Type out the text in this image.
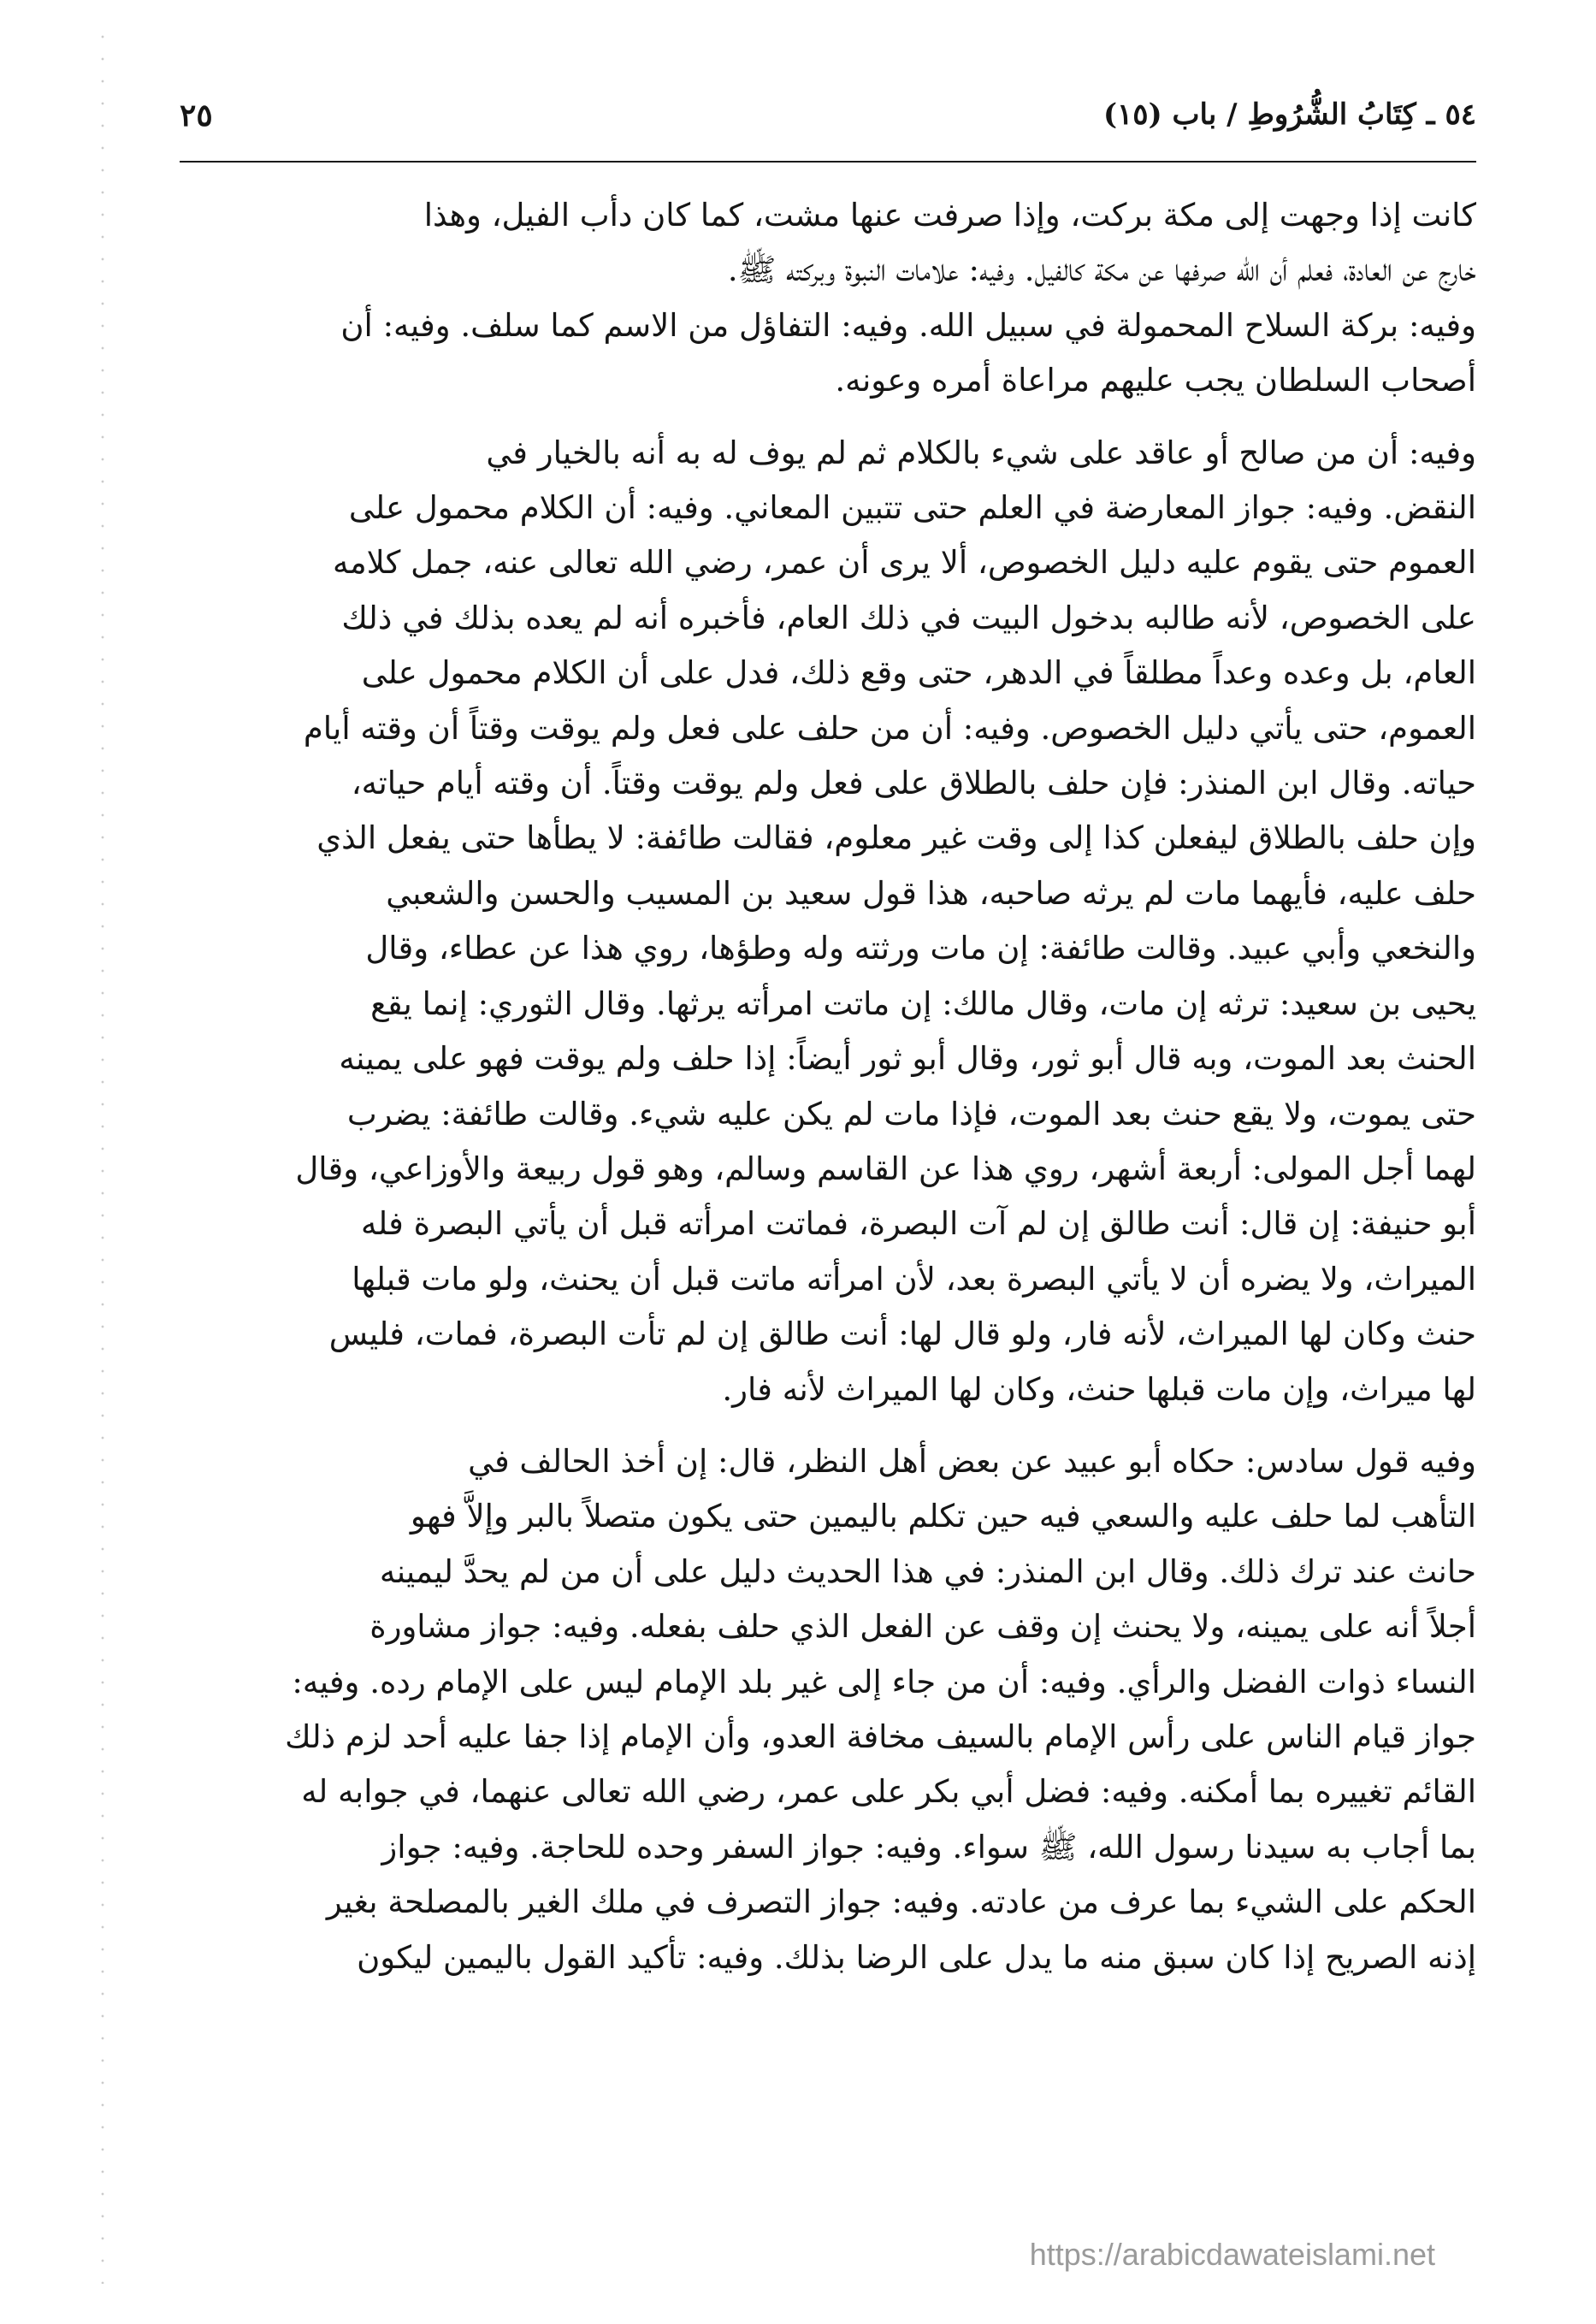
٥٤ ـ كِتَابُ الشُّرُوطِ / باب (١٥)
٢٥
كانت إذا وجهت إلى مكة بركت، وإذا صرفت عنها مشت، كما كان دأب الفيل، وهذا
خارج عن العادة، فعلم أن الله صرفها عن مكة كالفيل. وفيه: علامات النبوة وبركته ﷺ.
وفيه: بركة السلاح المحمولة في سبيل الله. وفيه: التفاؤل من الاسم كما سلف. وفيه: أن
أصحاب السلطان يجب عليهم مراعاة أمره وعونه.
وفيه: أن من صالح أو عاقد على شيء بالكلام ثم لم يوف له به أنه بالخيار في
النقض. وفيه: جواز المعارضة في العلم حتى تتبين المعاني. وفيه: أن الكلام محمول على
العموم حتى يقوم عليه دليل الخصوص، ألا يرى أن عمر، رضي الله تعالى عنه، جمل كلامه
على الخصوص، لأنه طالبه بدخول البيت في ذلك العام، فأخبره أنه لم يعده بذلك في ذلك
العام، بل وعده وعداً مطلقاً في الدهر، حتى وقع ذلك، فدل على أن الكلام محمول على
العموم، حتى يأتي دليل الخصوص. وفيه: أن من حلف على فعل ولم يوقت وقتاً أن وقته أيام
حياته. وقال ابن المنذر: فإن حلف بالطلاق على فعل ولم يوقت وقتاً. أن وقته أيام حياته،
وإن حلف بالطلاق ليفعلن كذا إلى وقت غير معلوم، فقالت طائفة: لا يطأها حتى يفعل الذي
حلف عليه، فأيهما مات لم يرثه صاحبه، هذا قول سعيد بن المسيب والحسن والشعبي
والنخعي وأبي عبيد. وقالت طائفة: إن مات ورثته وله وطؤها، روي هذا عن عطاء، وقال
يحيى بن سعيد: ترثه إن مات، وقال مالك: إن ماتت امرأته يرثها. وقال الثوري: إنما يقع
الحنث بعد الموت، وبه قال أبو ثور، وقال أبو ثور أيضاً: إذا حلف ولم يوقت فهو على يمينه
حتى يموت، ولا يقع حنث بعد الموت، فإذا مات لم يكن عليه شيء. وقالت طائفة: يضرب
لهما أجل المولى: أربعة أشهر، روي هذا عن القاسم وسالم، وهو قول ربيعة والأوزاعي، وقال
أبو حنيفة: إن قال: أنت طالق إن لم آت البصرة، فماتت امرأته قبل أن يأتي البصرة فله
الميراث، ولا يضره أن لا يأتي البصرة بعد، لأن امرأته ماتت قبل أن يحنث، ولو مات قبلها
حنث وكان لها الميراث، لأنه فار، ولو قال لها: أنت طالق إن لم تأت البصرة، فمات، فليس
لها ميراث، وإن مات قبلها حنث، وكان لها الميراث لأنه فار.
وفيه قول سادس: حكاه أبو عبيد عن بعض أهل النظر، قال: إن أخذ الحالف في
التأهب لما حلف عليه والسعي فيه حين تكلم باليمين حتى يكون متصلاً بالبر وإلاَّ فهو
حانث عند ترك ذلك. وقال ابن المنذر: في هذا الحديث دليل على أن من لم يحدَّ ليمينه
أجلاً أنه على يمينه، ولا يحنث إن وقف عن الفعل الذي حلف بفعله. وفيه: جواز مشاورة
النساء ذوات الفضل والرأي. وفيه: أن من جاء إلى غير بلد الإمام ليس على الإمام رده. وفيه:
جواز قيام الناس على رأس الإمام بالسيف مخافة العدو، وأن الإمام إذا جفا عليه أحد لزم ذلك
القائم تغييره بما أمكنه. وفيه: فضل أبي بكر على عمر، رضي الله تعالى عنهما، في جوابه له
بما أجاب به سيدنا رسول الله، ﷺ سواء. وفيه: جواز السفر وحده للحاجة. وفيه: جواز
الحكم على الشيء بما عرف من عادته. وفيه: جواز التصرف في ملك الغير بالمصلحة بغير
إذنه الصريح إذا كان سبق منه ما يدل على الرضا بذلك. وفيه: تأكيد القول باليمين ليكون
https://arabicdawateislami.net
